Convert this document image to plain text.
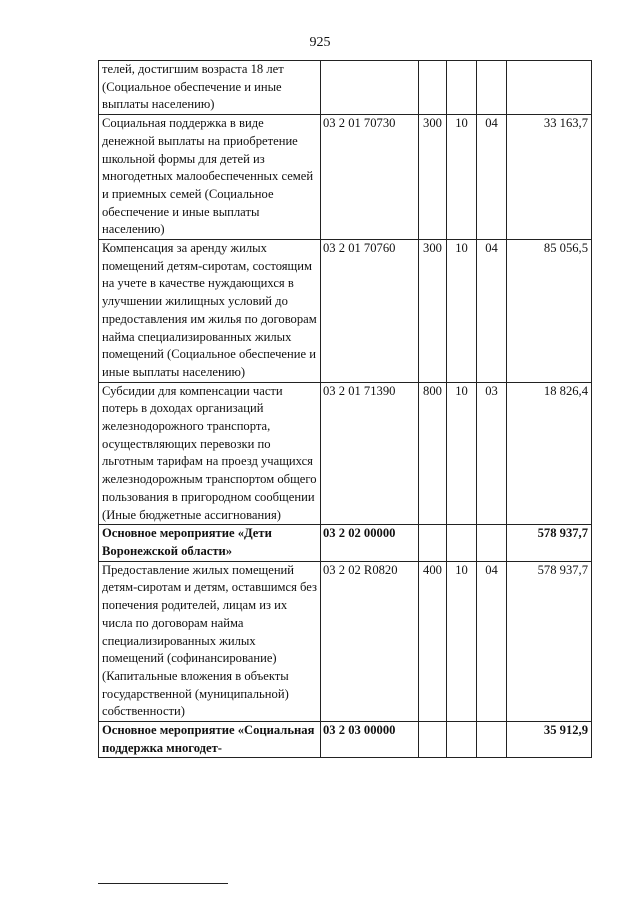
925
телей, достигшим возраста 18 лет (Социальное обеспечение и иные выплаты населению)					
Социальная поддержка в виде денежной выплаты на приобретение школьной формы для детей из многодетных малообеспеченных семей и приемных семей (Социальное обеспечение и иные выплаты населению)	03 2 01 70730	300	10	04	33 163,7
Компенсация за аренду жилых помещений детям-сиротам, состоящим на учете в качестве нуждающихся в улучшении жилищных условий до предоставления им жилья по договорам найма специализированных жилых помещений (Социальное обеспечение и иные выплаты населению)	03 2 01 70760	300	10	04	85 056,5
Субсидии для компенсации части потерь в доходах организаций железнодорожного транспорта, осуществляющих перевозки по льготным тарифам на проезд учащихся железнодорожным транспортом общего пользования в пригородном сообщении (Иные бюджетные ассигнования)	03 2 01 71390	800	10	03	18 826,4
Основное мероприятие «Дети Воронежской области»	03 2 02 00000				578 937,7
Предоставление жилых помещений детям-сиротам и детям, оставшимся без попечения родителей, лицам из их числа по договорам найма специализированных жилых помещений (софинансирование) (Капитальные вложения в объекты государственной (муниципальной) собственности)	03 2 02 R0820	400	10	04	578 937,7
Основное мероприятие «Социальная поддержка многодет-	03 2 03 00000				35 912,9
